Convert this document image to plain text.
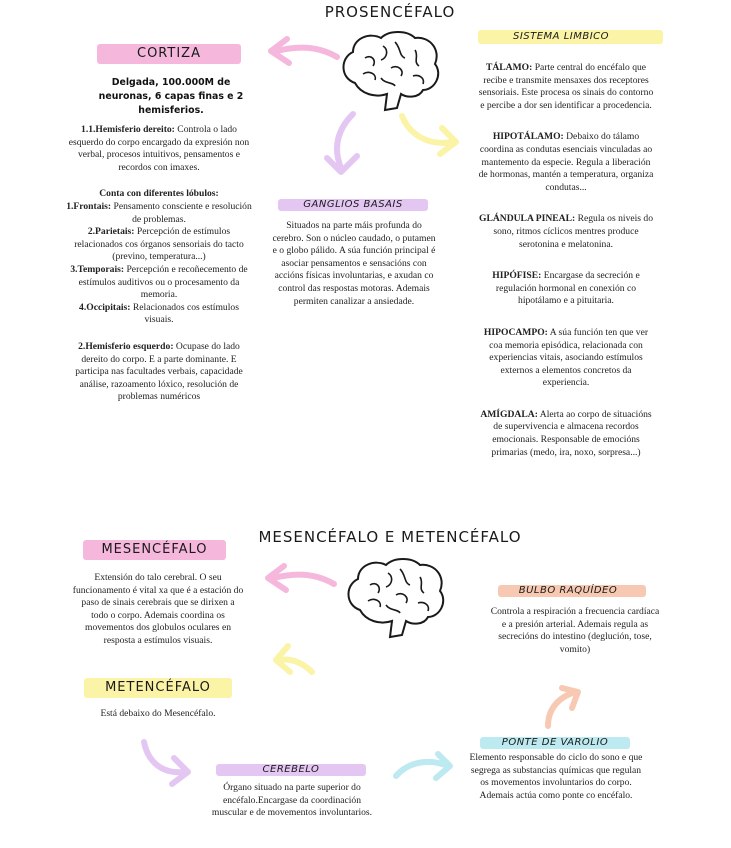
PROSENCÉFALO
CORTIZA
Delgada, 100.000M de neuronas, 6 capas finas e 2 hemisferios.
1.1.Hemisferio dereito: Controla o lado esquerdo do corpo encargado da expresión non verbal, procesos intuitivos, pensamentos e recordos con imaxes.
Conta con diferentes lóbulos:
1.Frontais: Pensamento consciente e resolución de problemas.
2.Parietais: Percepción de estímulos relacionados cos órganos sensoriais do tacto (previno, temperatura...)
3.Temporais: Percepción e recoñecemento de estímulos auditivos ou o procesamento da memoria.
4.Occipitais: Relacionados cos estímulos visuais.
2.Hemisferio esquerdo: Ocupase do lado dereito do corpo. E a parte dominante. E participa nas facultades verbais, capacidade análise, razoamento lóxico, resolución de problemas numéricos
GANGLIOS BASAIS
Situados na parte máis profunda do cerebro. Son o núcleo caudado, o putamen e o globo pálido. A súa función principal é asociar pensamentos e sensacións con accións físicas involuntarias, e axudan co control das respostas motoras. Ademais permiten canalizar a ansiedade.
SISTEMA LIMBICO
TÁLAMO: Parte central do encéfalo que recibe e transmite mensaxes dos receptores sensoriais. Este procesa os sinais do contorno e percibe a dor sen identificar a procedencia.
HIPOTÁLAMO: Debaixo do tálamo coordina as condutas esenciais vinculadas ao mantemento da especie. Regula a liberación de hormonas, mantén a temperatura, organiza condutas...
GLÁNDULA PINEAL: Regula os niveis do sono, ritmos cíclicos mentres produce serotonina e melatonina.
HIPÓFISE: Encargase da secreción e regulación hormonal en conexión co hipotálamo e a pituitaria.
HIPOCAMPO: A súa función ten que ver coa memoria episódica, relacionada con experiencias vitais, asociando estímulos externos a elementos concretos da experiencia.
AMÍGDALA: Alerta ao corpo de situacións de supervivencia e almacena recordos emocionais. Responsable de emocións primarias (medo, ira, noxo, sorpresa...)
MESENCÉFALO E METENCÉFALO
MESENCÉFALO
Extensión do talo cerebral. O seu funcionamento é vital xa que é a estación do paso de sinais cerebrais que se dirixen a todo o corpo. Ademais coordina os movementos dos globulos oculares en resposta a estímulos visuais.
METENCÉFALO
Está debaixo do Mesencéfalo.
CEREBELO
Órgano situado na parte superior do encéfalo.Encargase da coordinación muscular e de movementos involuntarios.
PONTE DE VAROLIO
Elemento responsable do ciclo do sono e que segrega as substancias químicas que regulan os movementos involuntarios do corpo. Ademais actúa como ponte co encéfalo.
BULBO RAQUÍDEO
Controla a respiración a frecuencia cardíaca e a presión arterial. Ademais regula as secrecións do intestino (deglución, tose, vomito)
